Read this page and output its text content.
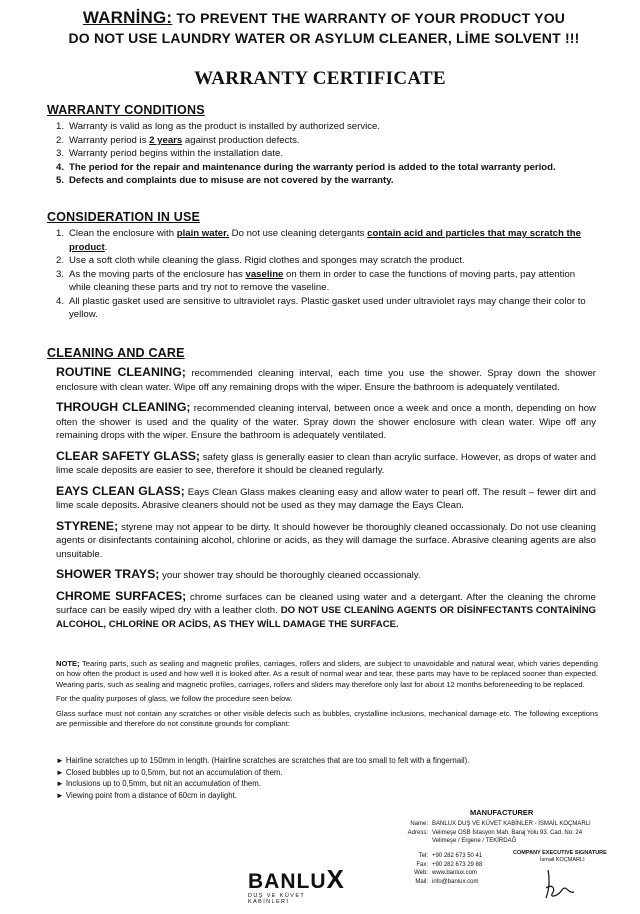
WARNİNG: TO PREVENT THE WARRANTY OF YOUR PRODUCT YOU
DO NOT USE LAUNDRY WATER OR ASYLUM CLEANER, LİME SOLVENT !!!
WARRANTY CERTIFICATE
WARRANTY CONDITIONS
1. Warranty is valid as long as the product is installed by authorized service.
2. Warranty period is 2 years against production defects.
3. Warranty period begins within the installation date.
4. The period for the repair and maintenance during the warranty period is added to the total warranty period.
5. Defects and complaints due to misuse are not covered by the warranty.
CONSIDERATION IN USE
1. Clean the enclosure with plain water. Do not use cleaning detergants contain acid and particles that may scratch the product.
2. Use a soft cloth while cleaning the glass. Rigid clothes and sponges may scratch the product.
3. As the moving parts of the enclosure has vaseline on them in order to case the functions of moving parts, pay attention while cleaning these parts and try not to remove the vaseline.
4. All plastic gasket used are sensitive to ultraviolet rays. Plastic gasket used under ultraviolet rays may change their color to yellow.
CLEANING AND CARE

ROUTINE CLEANING; recommended cleaning interval, each time you use the shower. Spray down the shower enclosure with clean water. Wipe off any remaining drops with the wiper. Ensure the bathroom is adequately ventilated.

THROUGH CLEANING; recommended cleaning interval, between once a week and once a month, depending on how often the shower is used and the quality of the water. Spray down the shower enclosure with clean water. Wipe off any remaining drops with the wiper. Ensure the bathroom is adequately ventilated.

CLEAR SAFETY GLASS; safety glass is generally easier to clean than acrylic surface. However, as drops of water and lime scale deposits are easier to see, therefore it should be cleaned regularly.

EAYS CLEAN GLASS; Eays Clean Glass makes cleaning easy and allow water to pearl off. The result – fewer dirt and lime scale deposits. Abrasive cleaners should not be used as they may damage the Eays Clean.

STYRENE; styrene may not appear to be dirty. It should however be thoroughly cleaned occassionaly. Do not use cleaning agents or disinfectants containing alcohol, chlorine or acids, as they will damage the surface. Abrasive cleaning agents are also unsuitable.

SHOWER TRAYS; your shower tray should be thoroughly cleaned occassionaly.

CHROME SURFACES; chrome surfaces can be cleaned using water and a detergant. After the cleaning the chrome surface can be easily wiped dry with a leather cloth. DO NOT USE CLEANİNG AGENTS OR DİSİNFECTANTS CONTAİNİNG ALCOHOL, CHLORİNE OR ACİDS, AS THEY WİLL DAMAGE THE SURFACE.

NOTE; Tearing parts, such as sealing and magnetic profiles, carriages, rollers and sliders, are subject to unavoidable and natural wear, which varies depending on how often the product is used and how well it is looked after. As a result of normal wear and tear, these parts may have to be replaced sooner than expected. Wearing parts, such as sealing and magnetic profiles, carriages, rollers and sliders may therefore only last for about 12 months beforeneeding to be replaced.

For the quality purposes of glass, we follow the procedure seen below.

Glass surface must not contain any scratches or other visible defects such as bubbles, crystalline inclusions, mechanical damage etc. The following exceptions are permissible and therefore do not constitute grounds for compliant:

► Hairline scratches up to 150mm in length. (Hairline scratches are scratches that are too small to felt with a fingernail).
► Closed bubbles up to 0,5mm, but not an accumulation of them.
► Inclusions up to 0,5mm, but nit an accumulation of them.
► Viewing point from a distance of 60cm in daylight.
MANUFACTURER
Name: BANLUX DUŞ VE KÜVET KABİNLER - İSMAİL KOÇMARLI
Adress: Velimeşe OSB İstasyon Mah. Baraj Yolu 93. Cad. No: 24
Velimeşe / Ergene / TEKİRDAĞ
Tel: +90 282 673 50 41
Fax: +90 282 673 29 88
Web: www.banlux.com
Mail: info@banlux.com
COMPANY EXECUTIVE SIGNATURE
İsmail KOÇMARLI
BANLUX
DUŞ VE KÜVET KABİNLERİ
